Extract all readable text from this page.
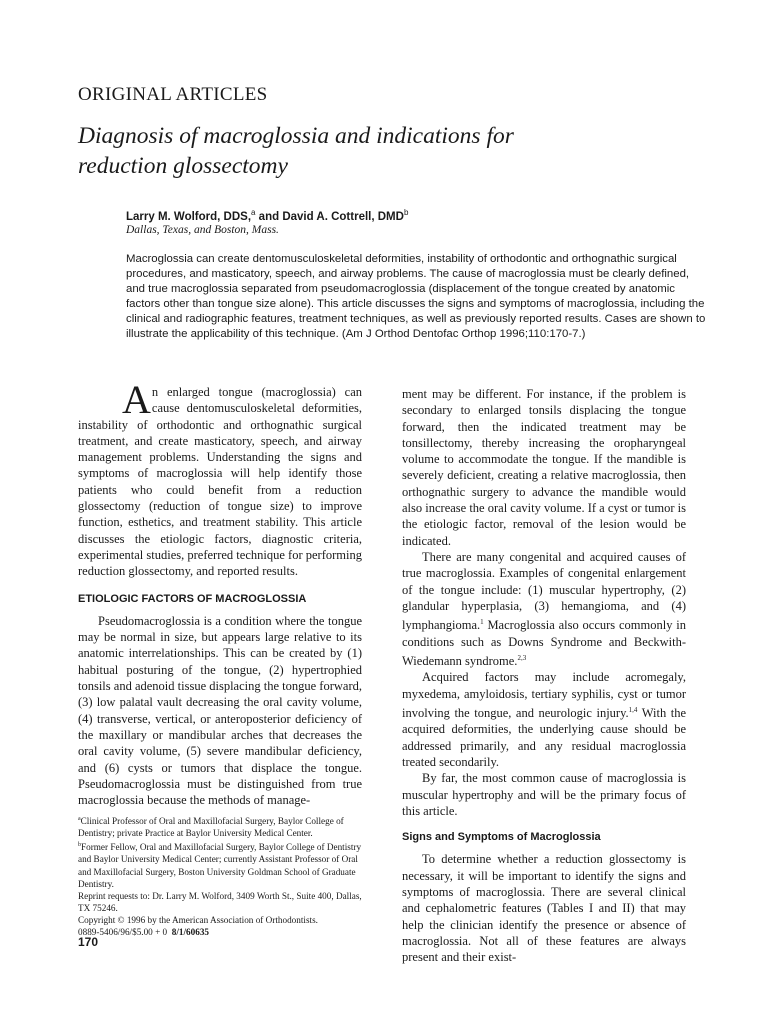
ORIGINAL ARTICLES
Diagnosis of macroglossia and indications for
reduction glossectomy
Larry M. Wolford, DDS,$^a$ and David A. Cottrell, DMD$^b$
Dallas, Texas, and Boston, Mass.

Macroglossia can create dentomusculoskeletal deformities, instability of orthodontic and orthognathic surgical procedures, and masticatory, speech, and airway problems. The cause of macroglossia must be clearly defined, and true macroglossia separated from pseudomacroglossia (displacement of the tongue created by anatomic factors other than tongue size alone). This article discusses the signs and symptoms of macroglossia, including the clinical and radiographic features, treatment techniques, as well as previously reported results. Cases are shown to illustrate the applicability of this technique. (Am J Orthod Dentofac Orthop 1996;110:170-7.)

An enlarged tongue (macroglossia) can cause dentomusculoskeletal deformities, instability of orthodontic and orthognathic surgical treatment, and create masticatory, speech, and airway management problems. Understanding the signs and symptoms of macroglossia will help identify those patients who could benefit from a reduction glossectomy (reduction of tongue size) to improve function, esthetics, and treatment stability. This article discusses the etiologic factors, diagnostic criteria, experimental studies, preferred technique for performing reduction glossectomy, and reported results.

ETIOLOGIC FACTORS OF MACROGLOSSIA

Pseudomacroglossia is a condition where the tongue may be normal in size, but appears large relative to its anatomic interrelationships. This can be created by (1) habitual posturing of the tongue, (2) hypertrophied tonsils and adenoid tissue displacing the tongue forward, (3) low palatal vault decreasing the oral cavity volume, (4) transverse, vertical, or anteroposterior deficiency of the maxillary or mandibular arches that decreases the oral cavity volume, (5) severe mandibular deficiency, and (6) cysts or tumors that displace the tongue. Pseudomacroglossia must be distinguished from true macroglossia because the methods of manage-

ment may be different. For instance, if the problem is secondary to enlarged tonsils displacing the tongue forward, then the indicated treatment may be tonsillectomy, thereby increasing the oropharyngeal volume to accommodate the tongue. If the mandible is severely deficient, creating a relative macroglossia, then orthognathic surgery to advance the mandible would also increase the oral cavity volume. If a cyst or tumor is the etiologic factor, removal of the lesion would be indicated.

There are many congenital and acquired causes of true macroglossia. Examples of congenital enlargement of the tongue include: (1) muscular hypertrophy, (2) glandular hyperplasia, (3) hemangioma, and (4) lymphangioma.$^1$ Macroglossia also occurs commonly in conditions such as Downs Syndrome and Beckwith-Wiedemann syndrome.$^{2,3}$

Acquired factors may include acromegaly, myxedema, amyloidosis, tertiary syphilis, cyst or tumor involving the tongue, and neurologic injury.$^{1,4}$ With the acquired deformities, the underlying cause should be addressed primarily, and any residual macroglossia treated secondarily.

By far, the most common cause of macroglossia is muscular hypertrophy and will be the primary focus of this article.

Signs and Symptoms of Macroglossia

To determine whether a reduction glossectomy is necessary, it will be important to identify the signs and symptoms of macroglossia. There are several clinical and cephalometric features (Tables I and II) that may help the clinician identify the presence or absence of macroglossia. Not all of these features are always present and their exist-

$^a$Clinical Professor of Oral and Maxillofacial Surgery, Baylor College of Dentistry; private Practice at Baylor University Medical Center.

$^b$Former Fellow, Oral and Maxillofacial Surgery, Baylor College of Dentistry and Baylor University Medical Center; currently Assistant Professor of Oral and Maxillofacial Surgery, Boston University Goldman School of Graduate Dentistry.

Reprint requests to: Dr. Larry M. Wolford, 3409 Worth St., Suite 400, Dallas, TX 75246.

Copyright © 1996 by the American Association of Orthodontists.

0889-5406/96/$5.00 + 0 8/1/60635

170
